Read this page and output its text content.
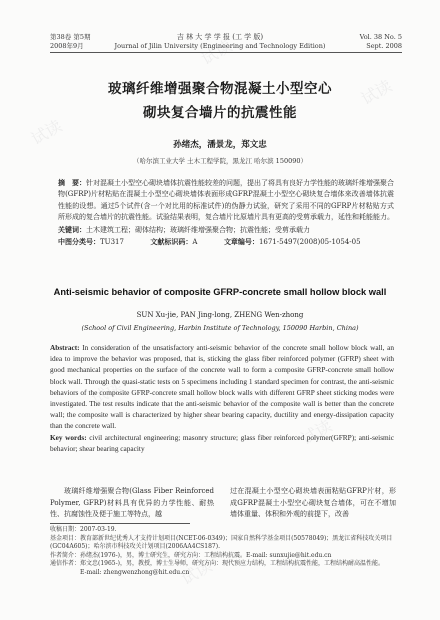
试读
试读
试读
试读
试读
试读
第38卷 第5期
2008年9月
吉 林 大 学 学 报 (工 学 版)
Journal of Jilin University (Engineering and Technology Edition)
Vol. 38 No. 5
Sept. 2008
玻璃纤维增强聚合物混凝土小型空心
砌块复合墙片的抗震性能
孙绪杰，潘景龙，郑文忠
（哈尔滨工业大学 土木工程学院，黑龙江 哈尔滨 150090）

摘　要：针对混凝土小型空心砌块墙体抗震性能较差的问题，提出了将具有良好力学性能的玻璃纤维增强聚合物(GFRP)片材粘贴在混凝土小型空心砌块墙体表面形成GFRP混凝土小型空心砌块复合墙体来改善墙体抗震性能的设想。通过5个试件(含一个对比用的标准试件)的伪静力试验，研究了采用不同的GFRP片材粘贴方式所形成的复合墙片的抗震性能。试验结果表明，复合墙片比原墙片具有更高的受剪承载力，延性和耗能能力。

关键词：土木建筑工程；砌体结构；玻璃纤维增强聚合物；抗震性能；受剪承载力

中图分类号：TU317	文献标识码：A	文章编号：1671-5497(2008)05-1054-05

Anti-seismic behavior of composite GFRP-concrete small hollow block wall
SUN Xu-jie, PAN Jing-long, ZHENG Wen-zhong
(School of Civil Engineering, Harbin Institute of Technology, 150090 Harbin, China)

Abstract: In consideration of the unsatisfactory anti-seismic behavior of the concrete small hollow block wall, an idea to improve the behavior was proposed, that is, sticking the glass fiber reinforced polymer (GFRP) sheet with good mechanical properties on the surface of the concrete wall to form a composite GFRP-concrete small hollow block wall. Through the quasi-static tests on 5 specimens including 1 standard specimen for contrast, the anti-seismic behaviors of the composite GFRP-concrete small hollow block walls with different GFRP sheet sticking modes were investigated. The test results indicate that the anti-seismic behavior of the composite wall is better than the concrete wall; the composite wall is characterized by higher shear bearing capacity, ductility and energy-dissipation capacity than the concrete wall.

Key words: civil architectural engineering; masonry structure; glass fiber reinforced polymer(GFRP); anti-seismic behavior; shear bearing capacity

玻璃纤维增强聚合物(Glass Fiber Reinforced Polymer, GFRP)材料具有优异的力学性能、耐热性、抗腐蚀性及便于施工等特点，越
过在混凝土小型空心砌块墙表面粘贴GFRP片材，形成GFRP混凝土小型空心砌块复合墙体，可在不增加墙体重量、体积和外观的前提下，改善
收稿日期：2007-03-19.
基金项目：教育部新世纪优秀人才支持计划项目(NCET-06-0349)；国家自然科学基金项目(50578049)；黑龙江省科技攻关项目(GC04A605)；哈尔滨市科技攻关计划项目(2006AA4CS187).
作者简介：孙绪杰(1976-)，男，博士研究生，研究方向：工程结构抗震。E-mail: sunxujie@hit.edu.cn
通信作者：郑文忠(1965-)，男，教授，博士生导师，研究方向：现代预应力结构，工程结构抗震性能，工程结构耐高温性能。
E-mail: zhengwenzhong@hit.edu.cn
